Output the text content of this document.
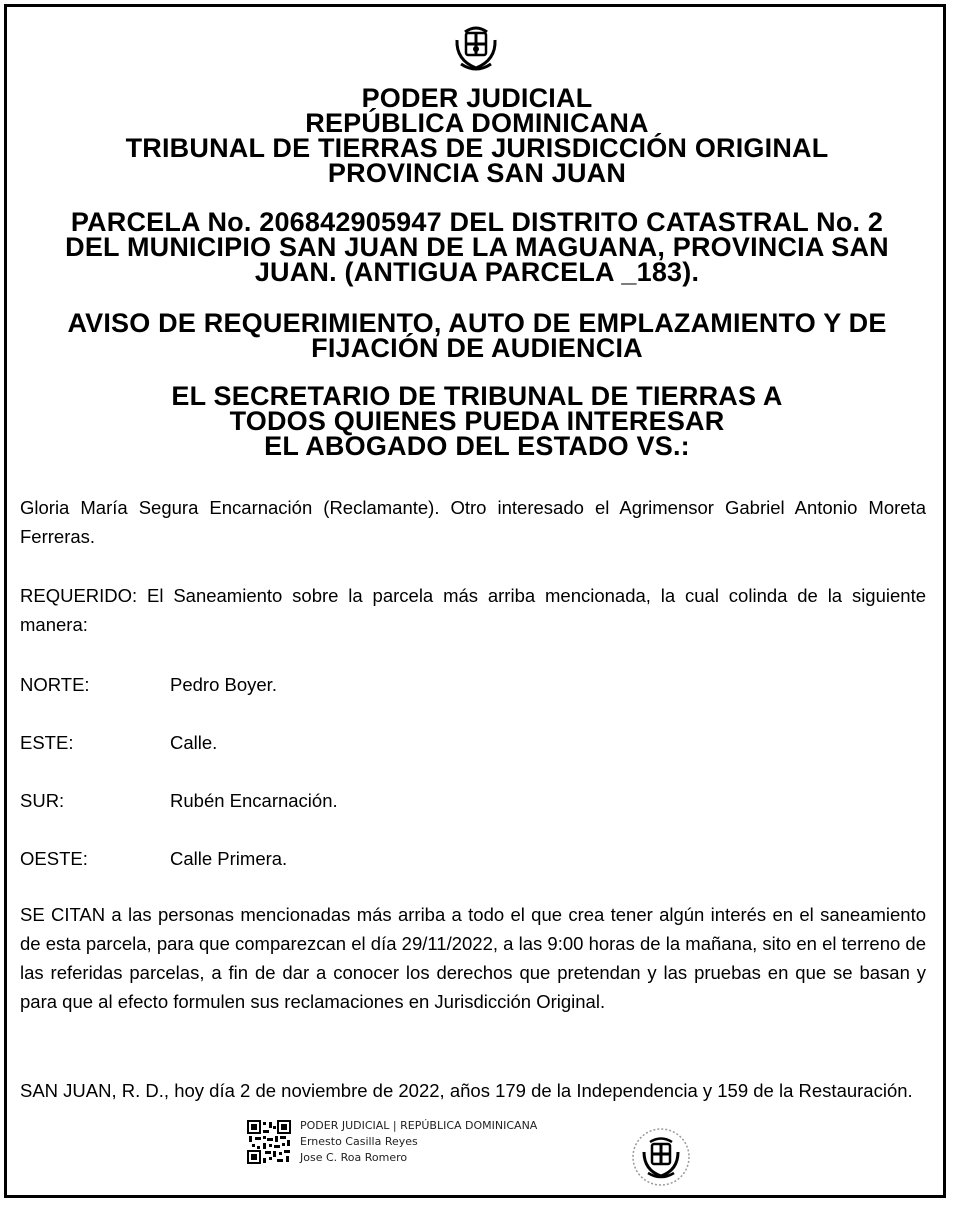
PODER JUDICIAL
REPÚBLICA DOMINICANA
TRIBUNAL DE TIERRAS DE JURISDICCIÓN ORIGINAL
PROVINCIA SAN JUAN
PARCELA No. 206842905947 DEL DISTRITO CATASTRAL No. 2
DEL MUNICIPIO SAN JUAN DE LA MAGUANA, PROVINCIA SAN
JUAN. (ANTIGUA PARCELA _183).
AVISO DE REQUERIMIENTO, AUTO DE EMPLAZAMIENTO Y DE
FIJACIÓN DE AUDIENCIA
EL SECRETARIO DE TRIBUNAL DE TIERRAS A
TODOS QUIENES PUEDA INTERESAR
EL ABOGADO DEL ESTADO VS.:
Gloria María Segura Encarnación (Reclamante). Otro interesado el Agrimensor Gabriel Antonio Moreta Ferreras.
REQUERIDO: El Saneamiento sobre la parcela más arriba mencionada, la cual colinda de la siguiente manera:
NORTE:	Pedro Boyer.
ESTE:	Calle.
SUR:	Rubén Encarnación.
OESTE:	Calle Primera.
SE CITAN a las personas mencionadas más arriba a todo el que crea tener algún interés en el saneamiento de esta parcela, para que comparezcan el día 29/11/2022, a las 9:00 horas de la mañana, sito en el terreno de las referidas parcelas, a fin de dar a conocer los derechos que pretendan y las pruebas en que se basan y para que al efecto formulen sus reclamaciones en Jurisdicción Original.
SAN JUAN, R. D., hoy día 2 de noviembre de 2022, años 179 de la Independencia y 159 de la Restauración.
PODER JUDICIAL | REPÚBLICA DOMINICANA
Ernesto Casilla Reyes
Jose C. Roa Romero
